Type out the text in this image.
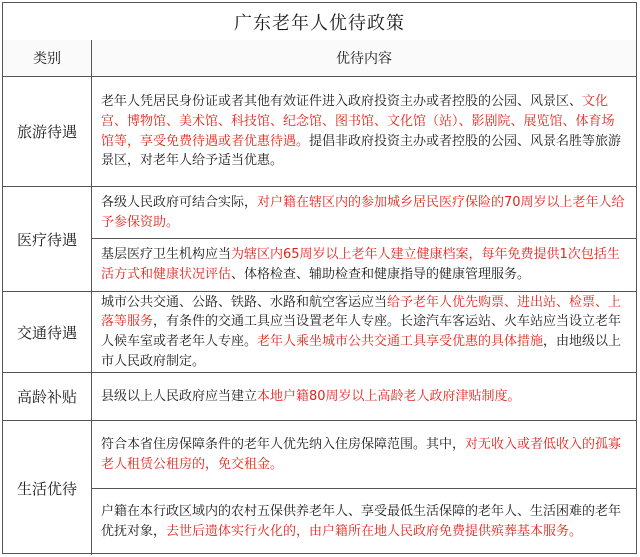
广东老年人优待政策
类别	优待内容
旅游待遇

老年人凭居民身份证或者其他有效证件进入政府投资主办或者控股的公园、风景区、文化宫、博物馆、美术馆、科技馆、纪念馆、图书馆、文化馆（站）、影剧院、展览馆、体育场馆等，享受免费待遇或者优惠待遇。提倡非政府投资主办或者控股的公园、风景名胜等旅游景区，对老年人给予适当优惠。

医疗待遇

各级人民政府可结合实际，对户籍在辖区内的参加城乡居民医疗保险的70周岁以上老年人给予参保资助。

基层医疗卫生机构应当为辖区内65周岁以上老年人建立健康档案，每年免费提供1次包括生活方式和健康状况评估、体格检查、辅助检查和健康指导的健康管理服务。

交通待遇

城市公共交通、公路、铁路、水路和航空客运应当给予老年人优先购票、进出站、检票、上落等服务，有条件的交通工具应当设置老年人专座。长途汽车客运站、火车站应当设立老年人候车室或者老年人专座。老年人乘坐城市公共交通工具享受优惠的具体措施，由地级以上市人民政府制定。

高龄补贴	县级以上人民政府应当建立本地户籍80周岁以上高龄老人政府津贴制度。

生活优待

符合本省住房保障条件的老年人优先纳入住房保障范围。其中，对无收入或者低收入的孤寡老人租赁公租房的，免交租金。

户籍在本行政区域内的农村五保供养老年人、享受最低生活保障的老年人、生活困难的老年优抚对象，去世后遗体实行火化的，由户籍所在地人民政府免费提供殡葬基本服务。
